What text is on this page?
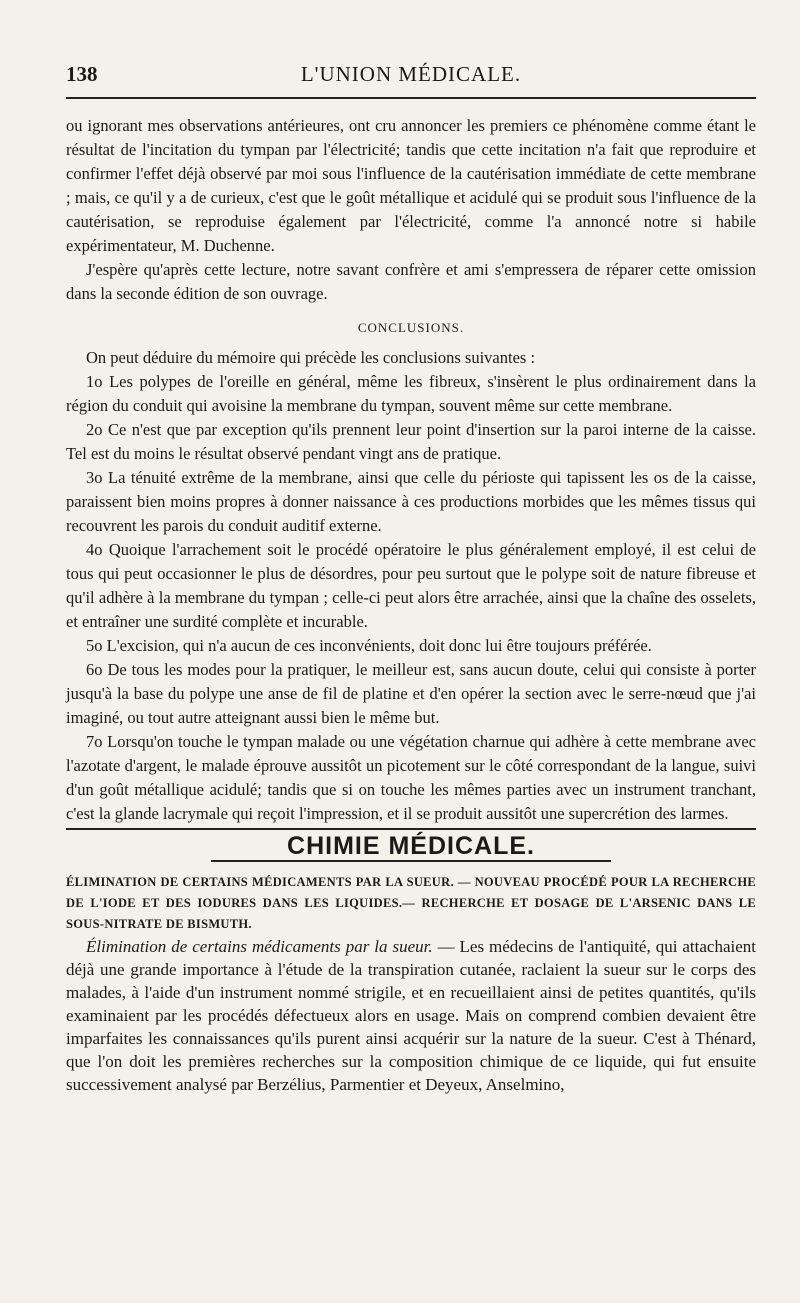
138	L'UNION MÉDICALE.

ou ignorant mes observations antérieures, ont cru annoncer les premiers ce phénomène comme étant le résultat de l'incitation du tympan par l'électricité; tandis que cette incitation n'a fait que reproduire et confirmer l'effet déjà observé par moi sous l'influence de la cautérisation immédiate de cette membrane ; mais, ce qu'il y a de curieux, c'est que le goût métallique et acidulé qui se produit sous l'influence de la cautérisation, se reproduise également par l'électricité, comme l'a annoncé notre si habile expérimentateur, M. Duchenne.

J'espère qu'après cette lecture, notre savant confrère et ami s'empressera de réparer cette omission dans la seconde édition de son ouvrage.

CONCLUSIONS.

On peut déduire du mémoire qui précède les conclusions suivantes :

1o Les polypes de l'oreille en général, même les fibreux, s'insèrent le plus ordinairement dans la région du conduit qui avoisine la membrane du tympan, souvent même sur cette membrane.

2o Ce n'est que par exception qu'ils prennent leur point d'insertion sur la paroi interne de la caisse. Tel est du moins le résultat observé pendant vingt ans de pratique.

3o La ténuité extrême de la membrane, ainsi que celle du périoste qui tapissent les os de la caisse, paraissent bien moins propres à donner naissance à ces productions morbides que les mêmes tissus qui recouvrent les parois du conduit auditif externe.

4o Quoique l'arrachement soit le procédé opératoire le plus généralement employé, il est celui de tous qui peut occasionner le plus de désordres, pour peu surtout que le polype soit de nature fibreuse et qu'il adhère à la membrane du tympan ; celle-ci peut alors être arrachée, ainsi que la chaîne des osselets, et entraîner une surdité complète et incurable.

5o L'excision, qui n'a aucun de ces inconvénients, doit donc lui être toujours préférée.

6o De tous les modes pour la pratiquer, le meilleur est, sans aucun doute, celui qui consiste à porter jusqu'à la base du polype une anse de fil de platine et d'en opérer la section avec le serre-nœud que j'ai imaginé, ou tout autre atteignant aussi bien le même but.

7o Lorsqu'on touche le tympan malade ou une végétation charnue qui adhère à cette membrane avec l'azotate d'argent, le malade éprouve aussitôt un picotement sur le côté correspondant de la langue, suivi d'un goût métallique acidulé; tandis que si on touche les mêmes parties avec un instrument tranchant, c'est la glande lacrymale qui reçoit l'impression, et il se produit aussitôt une supercrétion des larmes.

CHIMIE MÉDICALE.

ÉLIMINATION DE CERTAINS MÉDICAMENTS PAR LA SUEUR. — NOUVEAU PROCÉDÉ POUR LA RECHERCHE DE L'IODE ET DES IODURES DANS LES LIQUIDES.— RECHERCHE ET DOSAGE DE L'ARSENIC DANS LE SOUS-NITRATE DE BISMUTH.

Élimination de certains médicaments par la sueur. — Les médecins de l'antiquité, qui attachaient déjà une grande importance à l'étude de la transpiration cutanée, raclaient la sueur sur le corps des malades, à l'aide d'un instrument nommé strigile, et en recueillaient ainsi de petites quantités, qu'ils examinaient par les procédés défectueux alors en usage. Mais on comprend combien devaient être imparfaites les connaissances qu'ils purent ainsi acquérir sur la nature de la sueur. C'est à Thénard, que l'on doit les premières recherches sur la composition chimique de ce liquide, qui fut ensuite successivement analysé par Berzélius, Parmentier et Deyeux, Anselmino,
